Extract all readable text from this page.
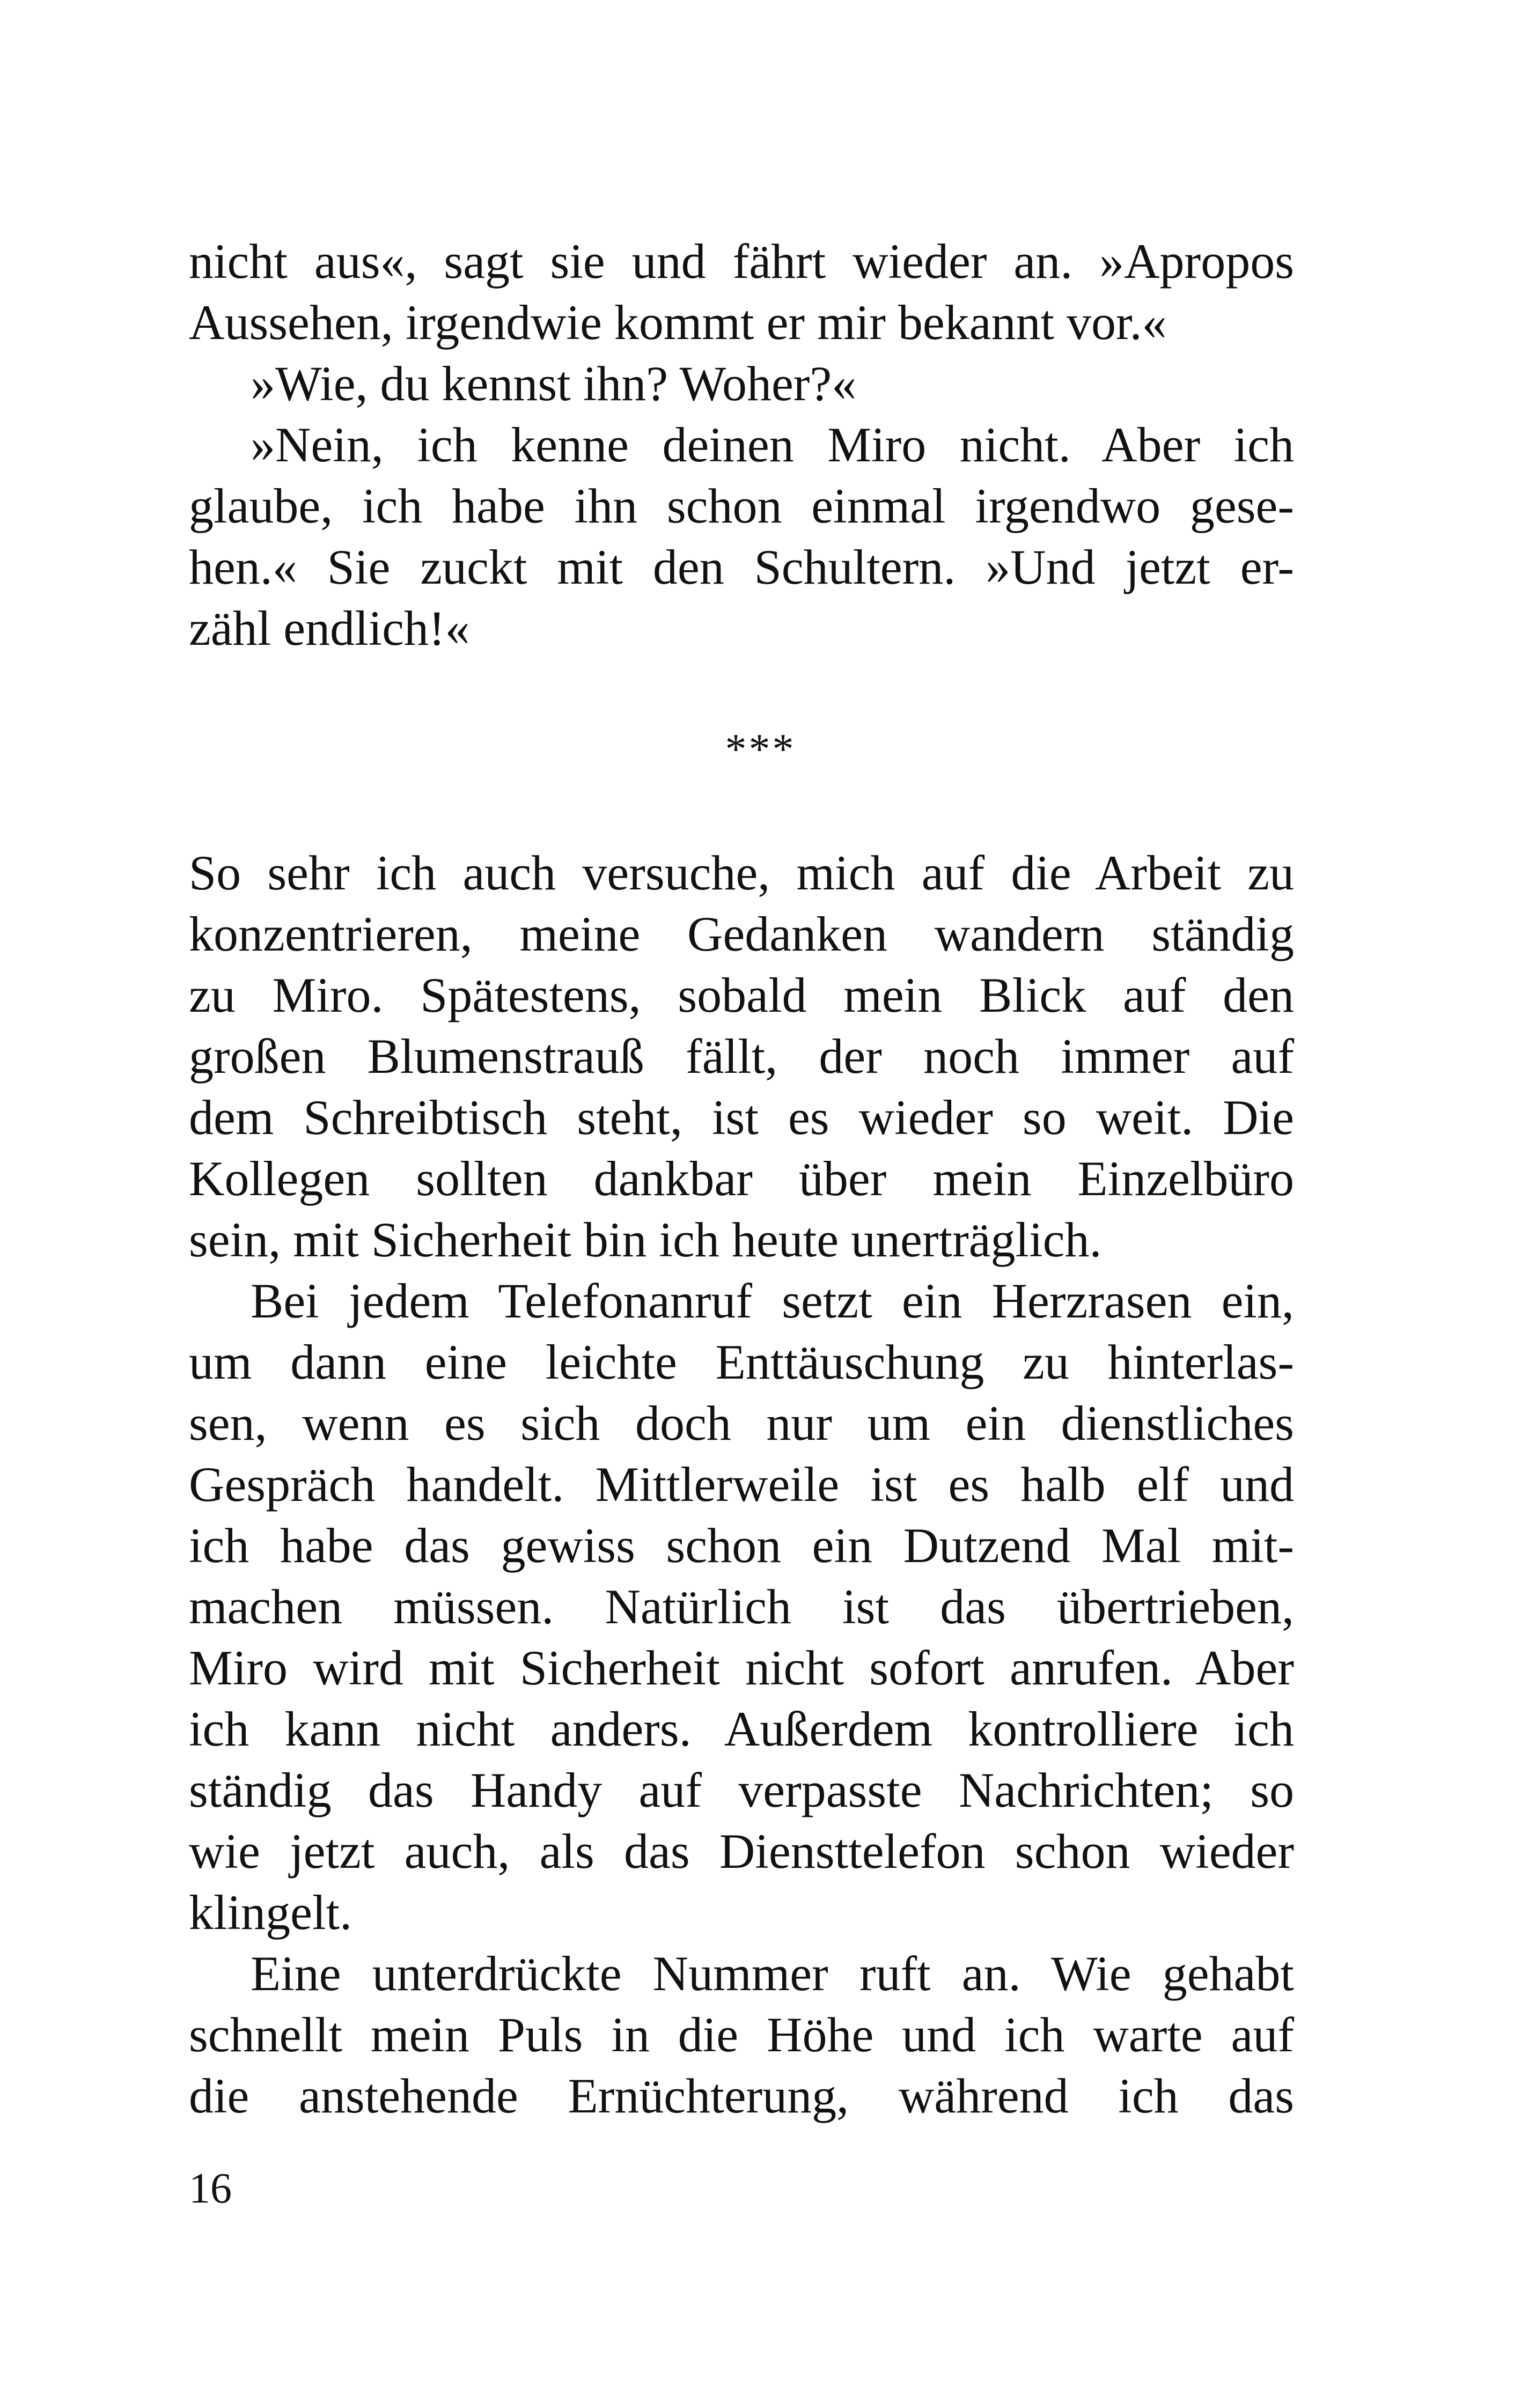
nicht aus«, sagt sie und fährt wieder an. »Apropos
Aussehen, irgendwie kommt er mir bekannt vor.«
»Wie, du kennst ihn? Woher?«
»Nein, ich kenne deinen Miro nicht. Aber ich
glaube, ich habe ihn schon einmal irgendwo gese-
hen.« Sie zuckt mit den Schultern. »Und jetzt er-
zähl endlich!«
***
So sehr ich auch versuche, mich auf die Arbeit zu
konzentrieren, meine Gedanken wandern ständig
zu Miro. Spätestens, sobald mein Blick auf den
großen Blumenstrauß fällt, der noch immer auf
dem Schreibtisch steht, ist es wieder so weit. Die
Kollegen sollten dankbar über mein Einzelbüro
sein, mit Sicherheit bin ich heute unerträglich.
Bei jedem Telefonanruf setzt ein Herzrasen ein,
um dann eine leichte Enttäuschung zu hinterlas-
sen, wenn es sich doch nur um ein dienstliches
Gespräch handelt. Mittlerweile ist es halb elf und
ich habe das gewiss schon ein Dutzend Mal mit-
machen müssen. Natürlich ist das übertrieben,
Miro wird mit Sicherheit nicht sofort anrufen. Aber
ich kann nicht anders. Außerdem kontrolliere ich
ständig das Handy auf verpasste Nachrichten; so
wie jetzt auch, als das Diensttelefon schon wieder
klingelt.
Eine unterdrückte Nummer ruft an. Wie gehabt
schnellt mein Puls in die Höhe und ich warte auf
die anstehende Ernüchterung, während ich das
16
